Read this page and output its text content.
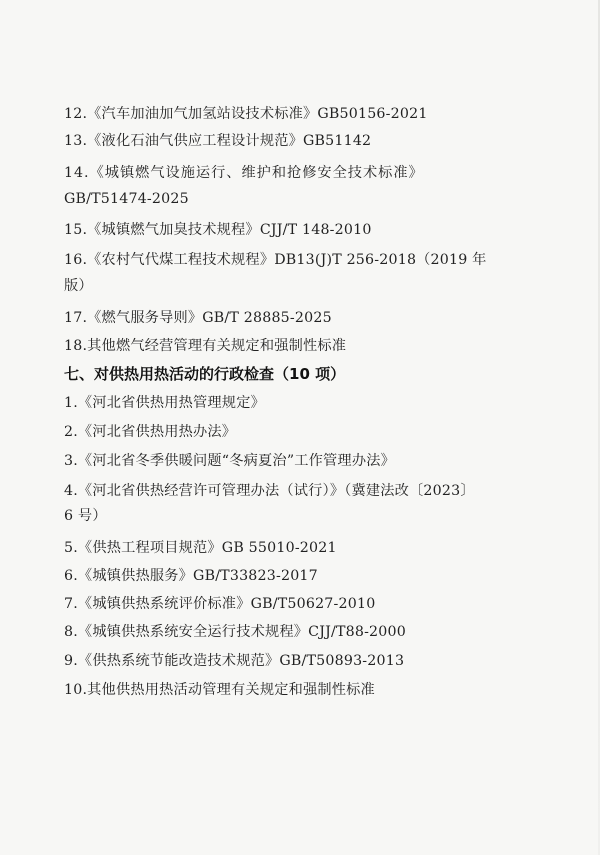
12.《汽车加油加气加氢站设技术标准》GB50156-2021
13.《液化石油气供应工程设计规范》GB51142
14.《城镇燃气设施运行、维护和抢修安全技术标准》
GB/T51474-2025
15.《城镇燃气加臭技术规程》CJJ/T 148-2010
16.《农村气代煤工程技术规程》DB13(J)T 256-2018（2019 年
版）
17.《燃气服务导则》GB/T 28885-2025
18.其他燃气经营管理有关规定和强制性标准
七、对供热用热活动的行政检查（10 项）
1.《河北省供热用热管理规定》
2.《河北省供热用热办法》
3.《河北省冬季供暖问题“冬病夏治”工作管理办法》
4.《河北省供热经营许可管理办法（试行）》（冀建法改〔2023〕
6 号）
5.《供热工程项目规范》GB 55010-2021
6.《城镇供热服务》GB/T33823-2017
7.《城镇供热系统评价标准》GB/T50627-2010
8.《城镇供热系统安全运行技术规程》CJJ/T88-2000
9.《供热系统节能改造技术规范》GB/T50893-2013
10.其他供热用热活动管理有关规定和强制性标准
